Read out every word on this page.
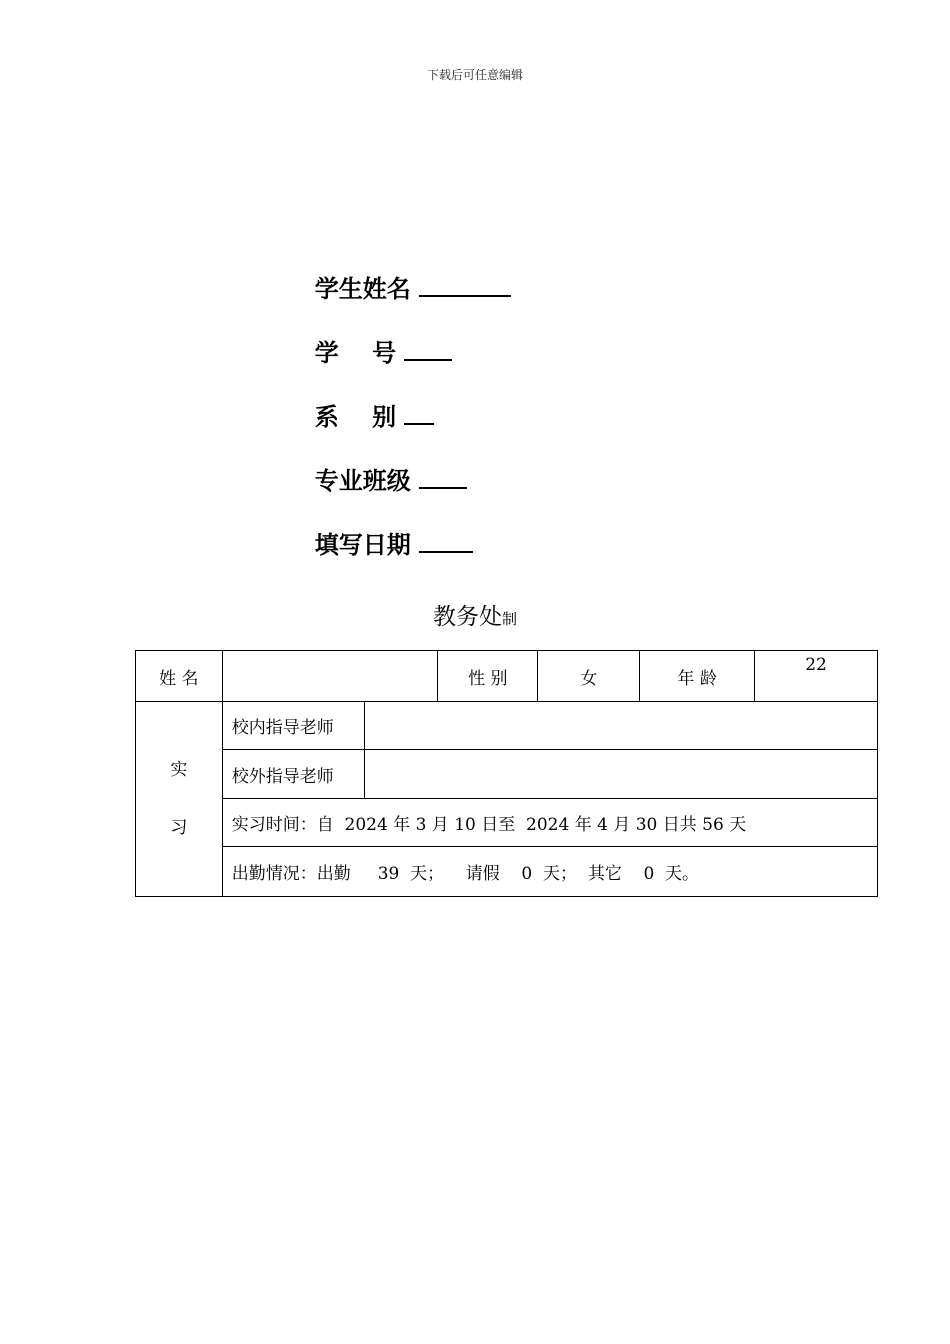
下载后可任意编辑

学生姓名

学    号

系    别

专业班级

填写日期

教务处制
姓 名			性 别	女	年 龄	22

实
习	校内指导老师					
	校外指导老师					
	实习时间：自  2024 年 3 月 10 日至  2024 年 4 月 30 日共 56 天					
	出勤情况：出勤     39  天；    请假    0  天；  其它    0  天。					
